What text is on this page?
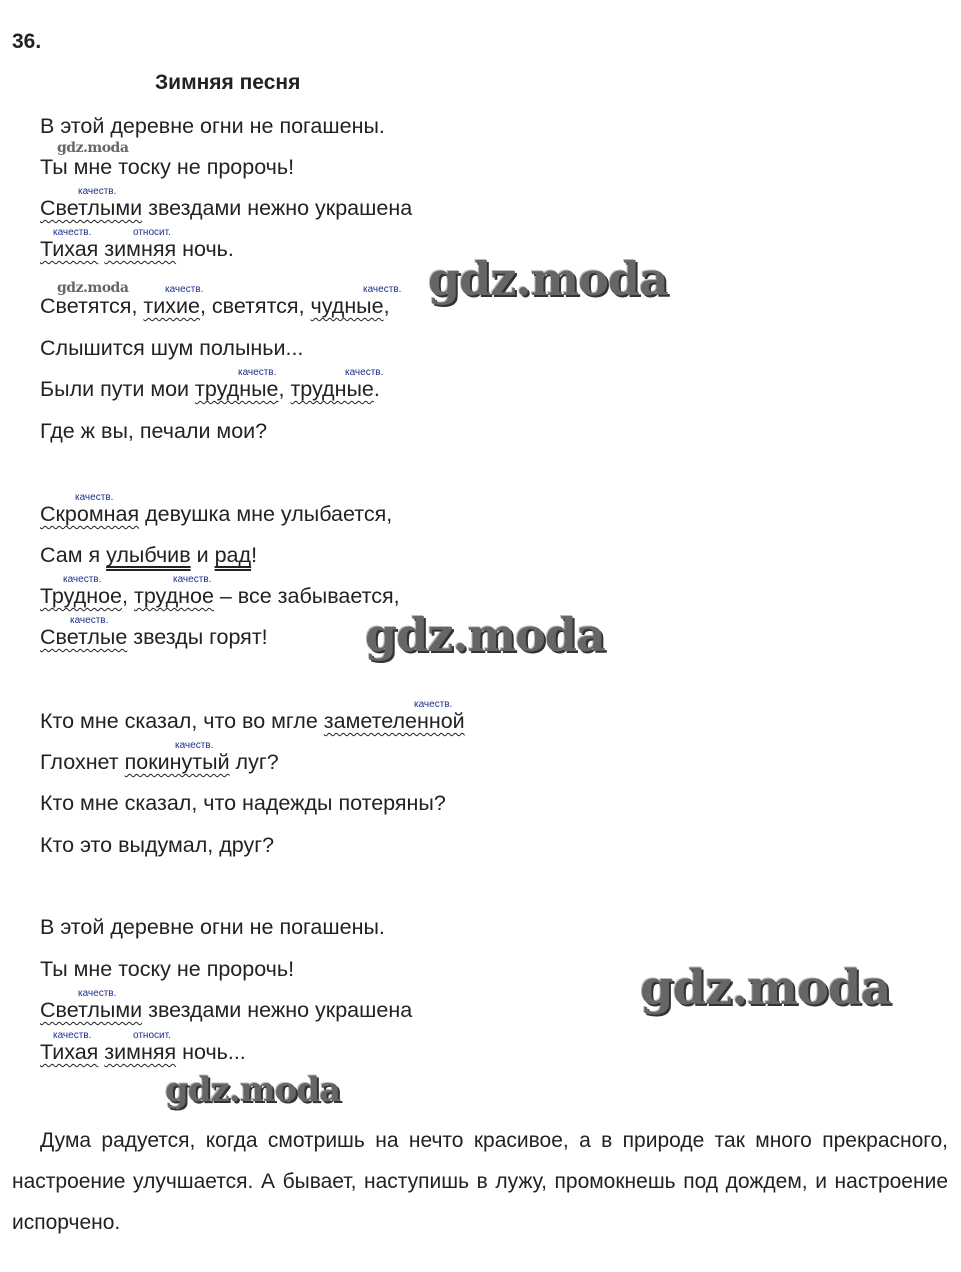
36.
Зимняя песня
В этой деревне огни не погашены.
gdz.moda
Ты мне тоску не пророчь!
качеств.
Светлыми звездами нежно украшена
качеств.	относит.
Тихая зимняя ночь.
gdz.moda	качеств.	качеств.
Светятся, тихие, светятся, чудные,
Слышится шум полыньи...
качеств.	качеств.
Были пути мои трудные, трудные.
Где ж вы, печали мои?
gdz.moda
качеств.
Скромная девушка мне улыбается,
Сам я улыбчив и рад!
качеств.	качеств.
Трудное, трудное – все забывается,
качеств.
Светлые звезды горят! gdz.moda
качеств.
Кто мне сказал, что во мгле заметеленной
качеств.
Глохнет покинутый луг?
Кто мне сказал, что надежды потеряны?
Кто это выдумал, друг?
В этой деревне огни не погашены.
Ты мне тоску не пророчь!
качеств.
Светлыми звездами нежно украшена
качеств.	относит.
Тихая зимняя ночь...
gdz.moda
gdz.moda
Дума радуется, когда смотришь на нечто красивое, а в природе так много прекрасного, настроение улучшается. А бывает, наступишь в лужу, промокнешь под дождем, и настроение испорчено.
